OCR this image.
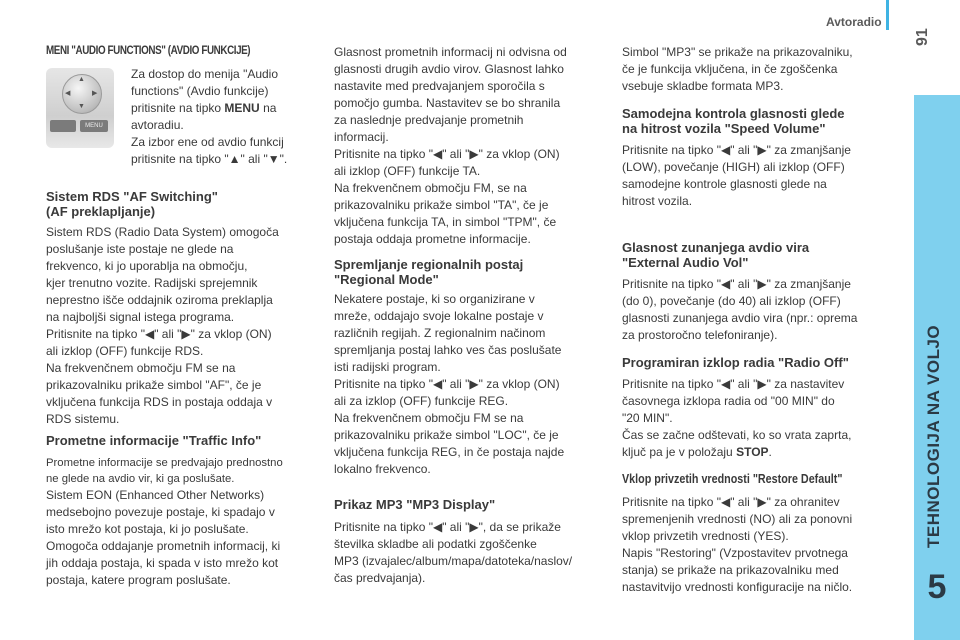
Avtoradio
91
TEHNOLOGIJA NA VOLJO
5
▲
▼
◀	▶
MENU
MENI "AUDIO FUNCTIONS" (AVDIO FUNKCIJE)
Za dostop do menija "Audio
functions" (Avdio funkcije)
pritisnite na tipko MENU na
avtoradiu.
Za izbor ene od avdio funkcij
pritisnite na tipko "▲" ali "▼".
Sistem RDS "AF Switching"
(AF preklapljanje)
Sistem RDS (Radio Data System) omogoča
poslušanje iste postaje ne glede na
frekvenco, ki jo uporablja na območju,
kjer trenutno vozite. Radijski sprejemnik
neprestno išče oddajnik oziroma preklaplja
na najboljši signal istega programa.
Pritisnite na tipko "◀" ali "▶" za vklop (ON)
ali izklop (OFF) funkcije RDS.
Na frekvenčnem območju FM se na
prikazovalniku prikaže simbol "AF", če je
vključena funkcija RDS in postaja oddaja v
RDS sistemu.
Prometne informacije "Traffic Info"
Prometne informacije se predvajajo prednostno
ne glede na avdio vir, ki ga poslušate.
Sistem EON (Enhanced Other Networks)
medsebojno povezuje postaje, ki spadajo v
isto mrežo kot postaja, ki jo poslušate.
Omogoča oddajanje prometnih informacij, ki
jih oddaja postaja, ki spada v isto mrežo kot
postaja, katere program poslušate.
Glasnost prometnih informacij ni odvisna od
glasnosti drugih avdio virov. Glasnost lahko
nastavite med predvajanjem sporočila s
pomočjo gumba. Nastavitev se bo shranila
za naslednje predvajanje prometnih
informacij.
Pritisnite na tipko "◀" ali "▶" za vklop (ON)
ali izklop (OFF) funkcije TA.
Na frekvenčnem območju FM, se na
prikazovalniku prikaže simbol "TA", če je
vključena funkcija TA, in simbol "TPM", če
postaja oddaja prometne informacije.
Spremljanje regionalnih postaj
"Regional Mode"
Nekatere postaje, ki so organizirane v
mreže, oddajajo svoje lokalne postaje v
različnih regijah. Z regionalnim načinom
spremljanja postaj lahko ves čas poslušate
isti radijski program.
Pritisnite na tipko "◀" ali "▶" za vklop (ON)
ali za izklop (OFF) funkcije REG.
Na frekvenčnem območju FM se na
prikazovalniku prikaže simbol "LOC", če je
vključena funkcija REG, in če postaja najde
lokalno frekvenco.
Prikaz MP3 "MP3 Display"
Pritisnite na tipko "◀" ali "▶", da se prikaže
številka skladbe ali podatki zgoščenke
MP3 (izvajalec/album/mapa/datoteka/naslov/
čas predvajanja).
Simbol "MP3" se prikaže na prikazovalniku,
če je funkcija vključena, in če zgoščenka
vsebuje skladbe formata MP3.
Samodejna kontrola glasnosti glede
na hitrost vozila "Speed Volume"
Pritisnite na tipko "◀" ali "▶" za zmanjšanje
(LOW), povečanje (HIGH) ali izklop (OFF)
samodejne kontrole glasnosti glede na
hitrost vozila.
Glasnost zunanjega avdio vira
"External Audio Vol"
Pritisnite na tipko "◀" ali "▶" za zmanjšanje
(do 0), povečanje (do 40) ali izklop (OFF)
glasnosti zunanjega avdio vira (npr.: oprema
za prostoročno telefoniranje).
Programiran izklop radia "Radio Off"
Pritisnite na tipko "◀" ali "▶" za nastavitev
časovnega izklopa radia od "00 MIN" do
"20 MIN".
Čas se začne odštevati, ko so vrata zaprta,
ključ pa je v položaju STOP.
Vklop privzetih vrednosti "Restore Default"
Pritisnite na tipko "◀" ali "▶" za ohranitev
spremenjenih vrednosti (NO) ali za ponovni
vklop privzetih vrednosti (YES).
Napis "Restoring" (Vzpostavitev prvotnega
stanja) se prikaže na prikazovalniku med
nastavitvijo vrednosti konfiguracije na ničlo.
